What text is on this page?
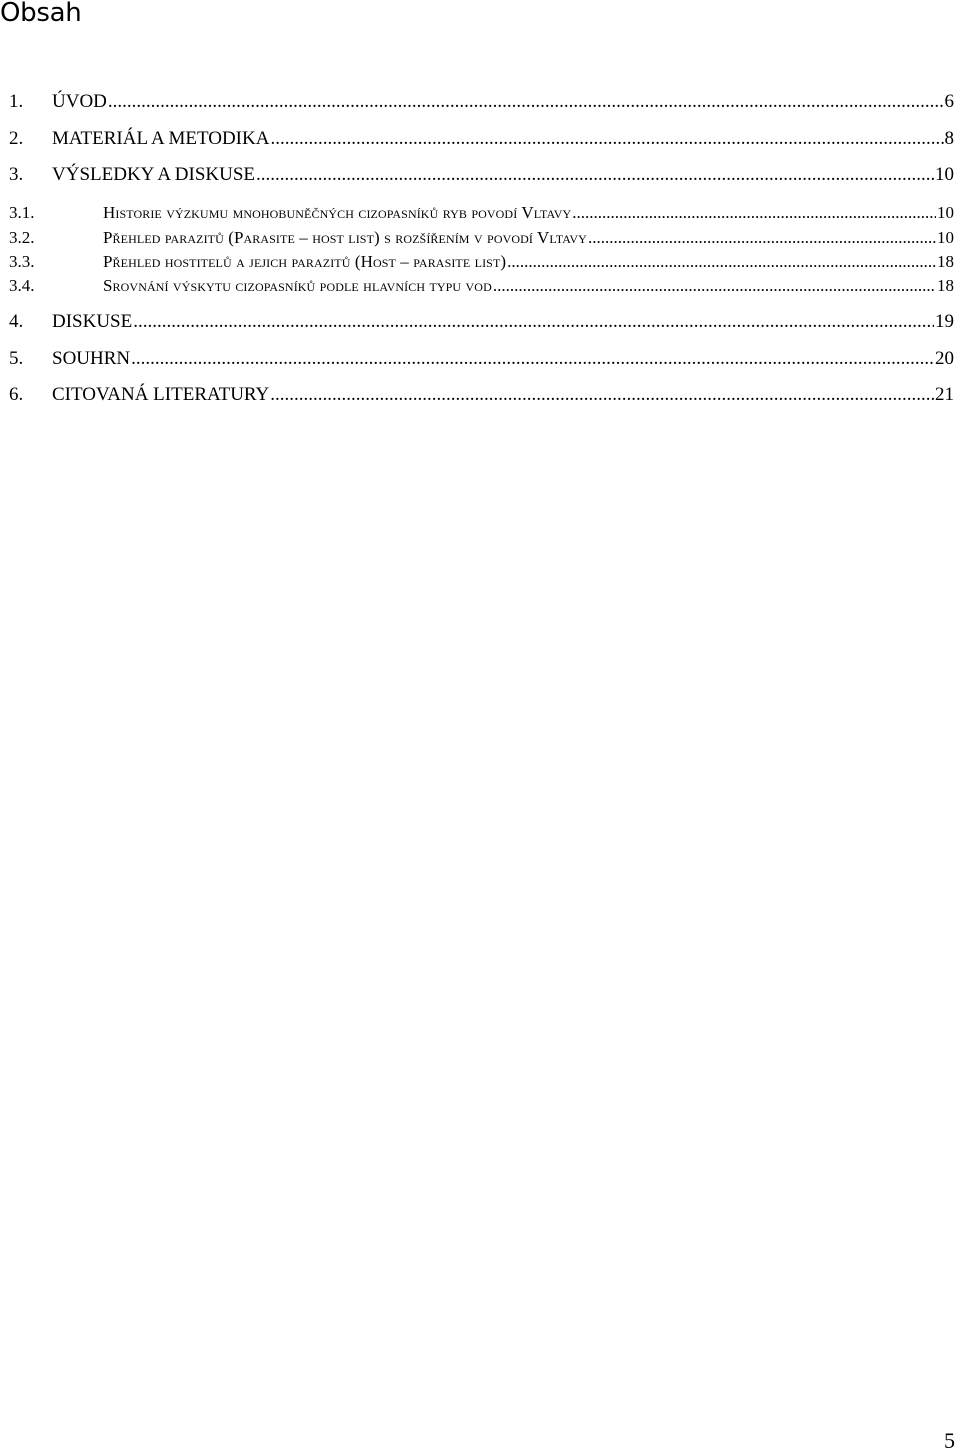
Obsah
1.	ÚVOD .....	6
2.	MATERIÁL A METODIKA .....	8
3.	VÝSLEDKY A DISKUSE .....	10
3.1.	Historie výzkumu mnohobuněčných cizopasníků ryb povodí Vltavy .....	10
3.2.	Přehled parazitů (Parasite – host list) s rozšířením v povodí Vltavy .....	10
3.3.	Přehled hostitelů a jejich parazitů (Host – parasite list) .....	18
3.4.	Srovnání výskytu cizopasníků podle hlavních typu vod .....	18
4.	DISKUSE .....	19
5.	SOUHRN .....	20
6.	CITOVANÁ LITERATURY .....	21
5
